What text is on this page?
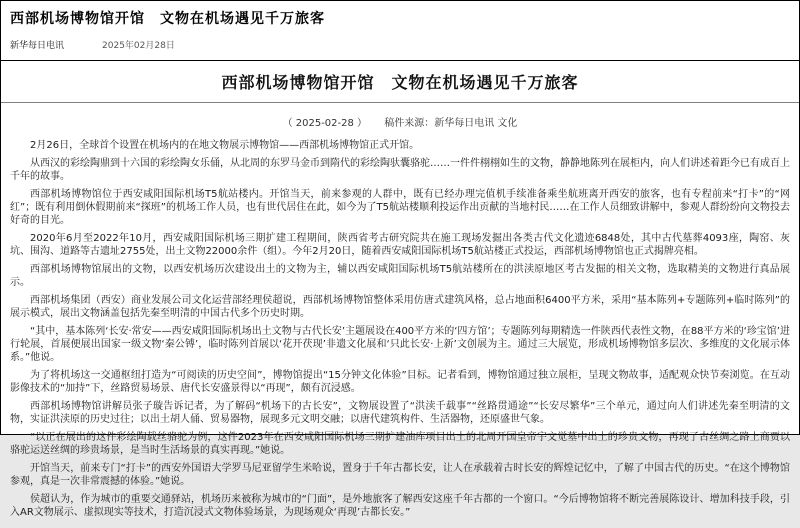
西部机场博物馆开馆　文物在机场遇见千万旅客
新华每日电讯	2025年02月28日
西部机场博物馆开馆　文物在机场遇见千万旅客
（ 2025-02-28 ） 稿件来源：新华每日电讯 文化

2月26日，全球首个设置在机场内的在地文物展示博物馆——西部机场博物馆正式开馆。

从西汉的彩绘陶鼎到十六国的彩绘陶女乐俑，从北周的东罗马金币到隋代的彩绘陶驮囊骆驼……一件件栩栩如生的文物，静静地陈列在展柜内，向人们讲述着距今已有成百上千年的故事。

西部机场博物馆位于西安咸阳国际机场T5航站楼内。开馆当天，前来参观的人群中，既有已经办理完值机手续准备乘坐航班离开西安的旅客，也有专程前来“打卡”的“网红”；既有利用倒休假期前来“探班”的机场工作人员，也有世代居住在此，如今为了T5航站楼顺利投运作出贡献的当地村民……在工作人员细致讲解中，参观人群纷纷向文物投去好奇的目光。

2020年6月至2022年10月，西安咸阳国际机场三期扩建工程期间，陕西省考古研究院共在施工现场发掘出各类古代文化遗迹6848处，其中古代墓葬4093座，陶窑、灰坑、围沟、道路等古遗址2755处，出土文物22000余件（组）。今年2月20日，随着西安咸阳国际机场T5航站楼正式投运，西部机场博物馆也正式揭牌亮相。

西部机场博物馆展出的文物，以西安机场历次建设出土的文物为主，辅以西安咸阳国际机场T5航站楼所在的洪渎原地区考古发掘的相关文物，选取精美的文物进行真品展示。

西部机场集团（西安）商业发展公司文化运营部经理侯超说，西部机场博物馆整体采用仿唐式建筑风格，总占地面积6400平方米，采用“基本陈列+专题陈列+临时陈列”的展示模式，展出文物涵盖包括先秦至明清的中国古代多个历史时期。

“其中，基本陈列‘长安·常安——西安咸阳国际机场出土文物与古代长安’主题展设在400平方米的‘四方馆’；专题陈列每期精选一件陕西代表性文物，在88平方米的‘珍宝馆’进行轮展，首展便展出国家一级文物‘秦公镈’，临时陈列首展以‘花开茯现’非遗文化展和‘只此长安·上新’文创展为主。通过三大展览，形成机场博物馆多层次、多维度的文化展示体系。”他说。

为了将机场这一交通枢纽打造为“可阅读的历史空间”，博物馆提出“15分钟文化体验”目标。记者看到，博物馆通过独立展柜，呈现文物故事，适配观众快节奏浏览。在互动影像技术的“加持”下，丝路贸易场景、唐代长安盛景得以“再现”，颇有沉浸感。

西部机场博物馆讲解员张子璇告诉记者，为了解码“机场下的古长安”，文物展设置了“洪渎千载事”“丝路贯通途”“长安尽繁华”三个单元，通过向人们讲述先秦至明清的文物，实证洪渎原的历史过往；以出土胡人俑、贸易器物，展现多元文明交融；以唐代建筑构件、生活器物，还原盛世气象。

“以正在展出的这件彩绘陶载丝骆驼为例，这件2023年在西安咸阳国际机场三期扩建油库项目出土的北周开国皇帝宇文觉墓中出土的珍贵文物，再现了古丝绸之路上商贾以骆驼运送丝绸的珍贵场景，是当时生活场景的真实再现。”她说。

开馆当天，前来专门“打卡”的西安外国语大学罗马尼亚留学生米哈说，置身于千年古都长安，让人在承载着古时长安的辉煌记忆中，了解了中国古代的历史。“在这个博物馆参观，真是一次非常震撼的体验。”她说。

侯超认为，作为城市的重要交通驿站，机场历来被称为城市的“门面”，是外地旅客了解西安这座千年古都的一个窗口。“今后博物馆将不断完善展陈设计、增加科技手段，引入AR文物展示、虚拟现实等技术，打造沉浸式文物体验场景，为现场观众‘再现’古都长安。”
